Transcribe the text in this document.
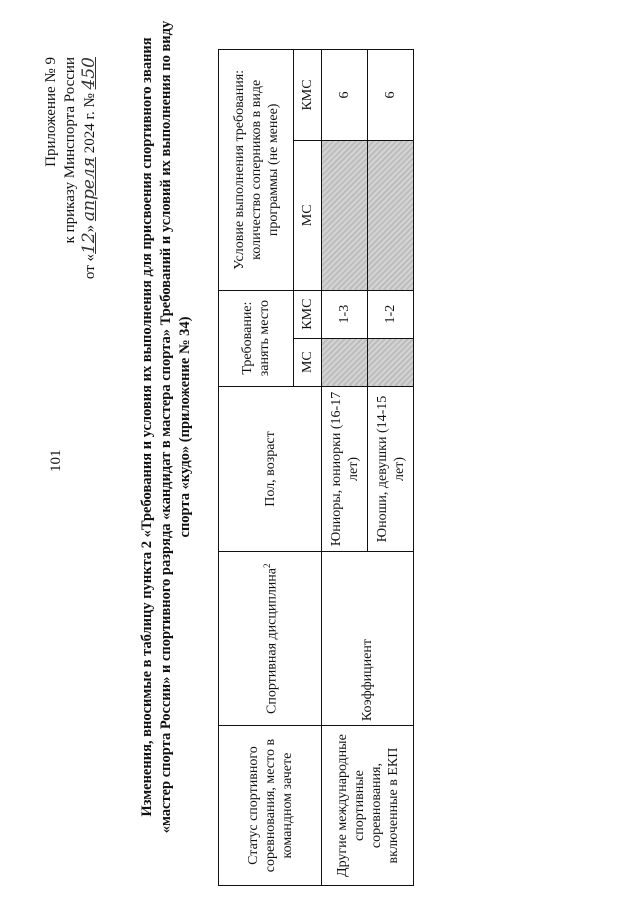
101
Приложение № 9 к приказу Минспорта России
от «12» апреля 2024 г. № 450	Изменения, вносимые в таблицу пункта 2 «Требования и условия их выполнения для присвоения спортивного звания «мастер спорта России» и спортивного разряда «кандидат в мастера спорта» Требований и условий их выполнения по виду спорта «кудо» (приложение № 34)
Статус спортивного соревнования, место в командном зачете	Спортивная дисциплина$^2$	Пол, возраст	Требование: занять место		Условие выполнения требования: количество соперников в виде программы (не менее)	
			МС	КМС	МС	КМС
Другие международные спортивные соревнования, включенные в ЕКП	Коэффициент	Юниоры, юниорки (16-17 лет)		1-3		6
		Юноши, девушки (14-15 лет)		1-2		6
